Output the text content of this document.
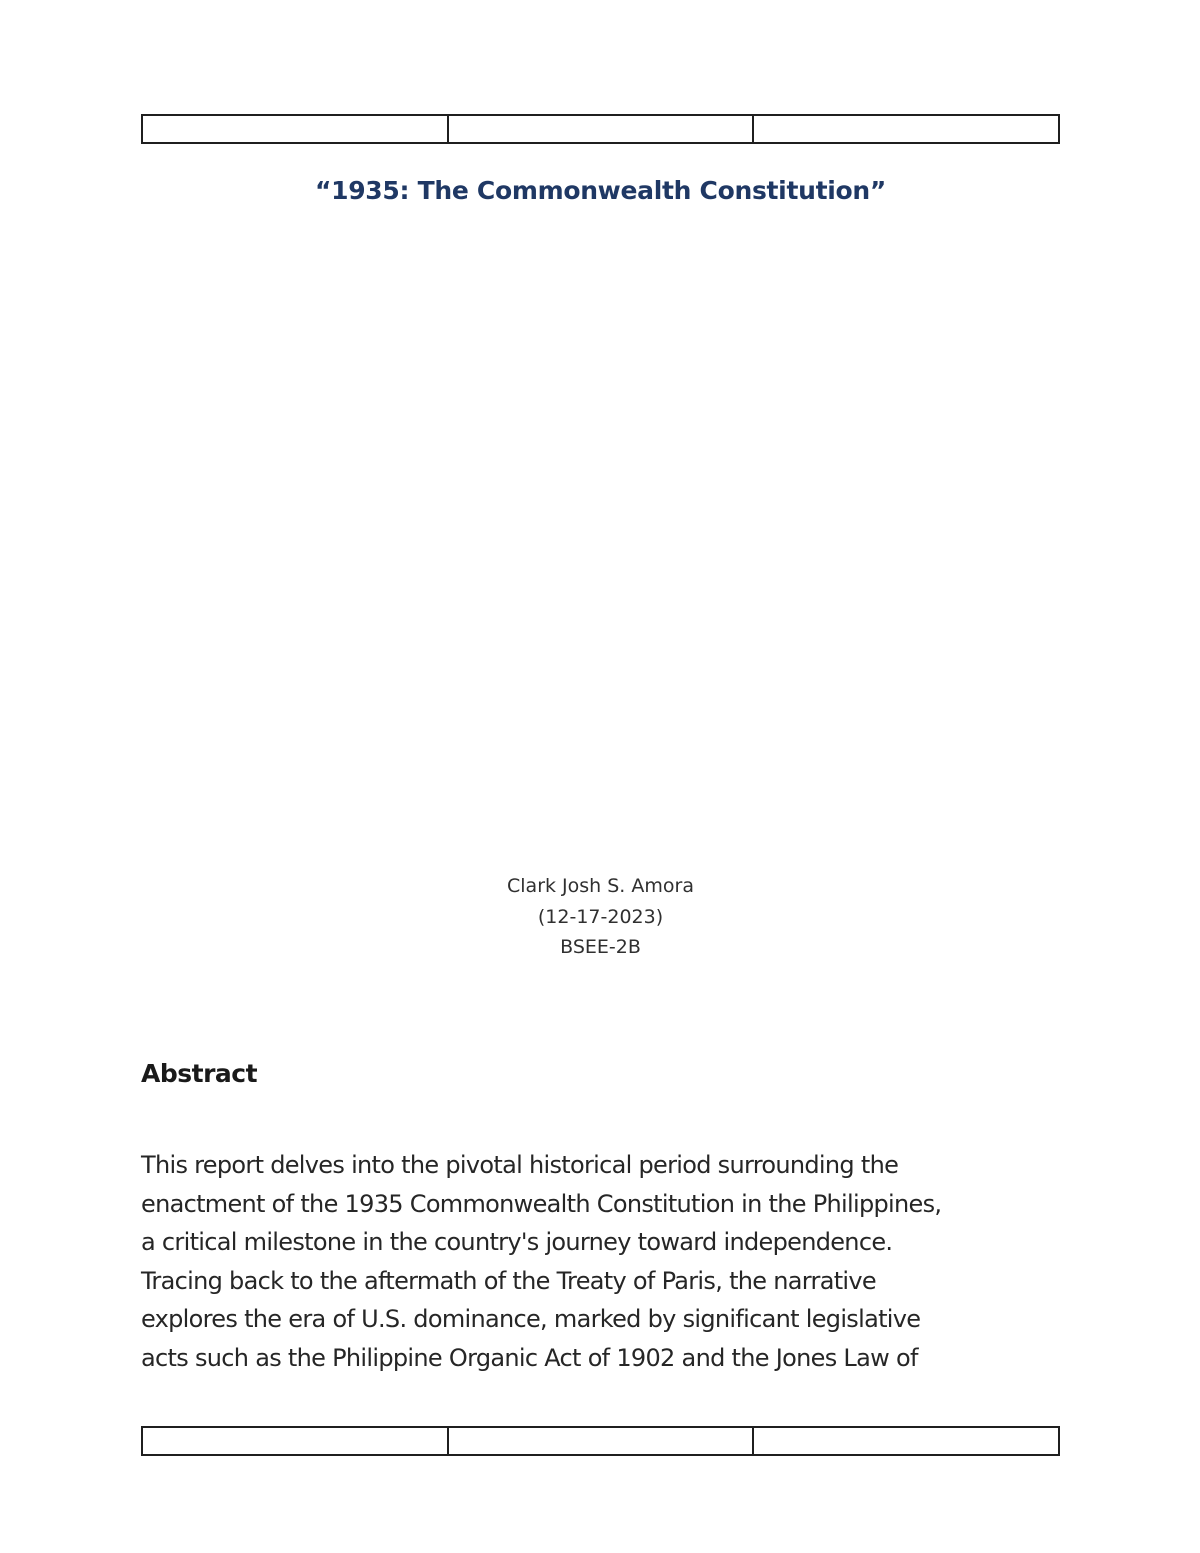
“1935: The Commonwealth Constitution”
Clark Josh S. Amora
(12-17-2023)
BSEE-2B
Abstract

This report delves into the pivotal historical period surrounding the
enactment of the 1935 Commonwealth Constitution in the Philippines,
a critical milestone in the country's journey toward independence.
Tracing back to the aftermath of the Treaty of Paris, the narrative
explores the era of U.S. dominance, marked by significant legislative
acts such as the Philippine Organic Act of 1902 and the Jones Law of
